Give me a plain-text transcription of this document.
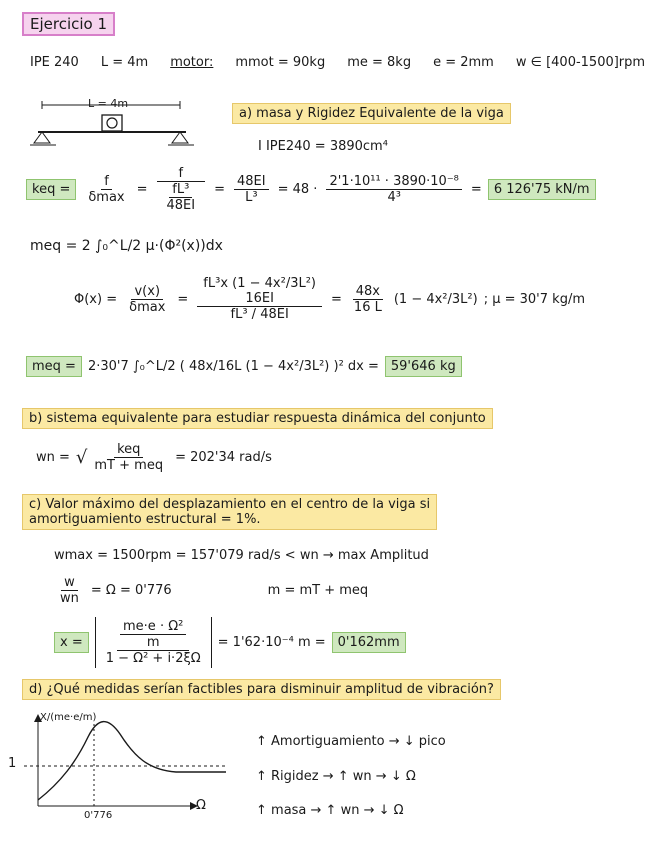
Ejercicio 1
IPE 240 L = 4m motor: mmot = 90kg me = 8kg e = 2mm w ∈ [400-1500]rpm
L = 4m
a) masa y Rigidez Equivalente de la viga
I IPE240 = 3890cm⁴
keq =	$\frac{f}{\delta\max} = \frac{f}{\frac{\text{fL³}}{48EI}} = \frac{48EI}{\text{L³}} = 48 \cdot \frac{\text{2'1·10¹¹ · 3890·10⁻⁸}}{\text{4³}} = 6$ 126'75 kN/m
meq = 2 ∫₀^L/2 μ·(Φ²(x))dx
$\Phi(x) = \frac{v(x)}{\delta\max} = fL^3x$ (1 − 4x²/3L²)
16EI
$fL^3 / 48EI = \frac{48x}{16 L} (1 - 4x^2/3L^2)$ ; μ = 30'7 kg/m
meq = 2·30'7 ∫₀^L/2 ( 48x/16L (1 − 4x²/3L²) )² dx = 59'646 kg
b) sistema equivalente para estudiar respuesta dinámica del conjunto
wn = √ $\frac{\text{keq}}{\text{mT + meq}} = 202'34$ rad/s
c) Valor máximo del desplazamiento en el centro de la viga si
amortiguamiento estructural = 1%.
wmax = 1500rpm = 157'079 rad/s < wn → max Amplitud
$\frac{w}{wn} = \Omega = 0'776$	m = mT + meq
x =	$\frac{\frac{\text{me·e · Ω²}}{m}}{\text{1 − Ω² + i·2ξΩ}} = 1'62\cdot 10^{-4}$ m = 0'162mm
d) ¿Qué medidas serían factibles para disminuir amplitud de vibración?
X/(me·e/m)
Ω
1
0'776
↑ Amortiguamiento → ↓ pico
↑ Rigidez → ↑ wn → ↓ Ω
↑ masa → ↑ wn → ↓ Ω
